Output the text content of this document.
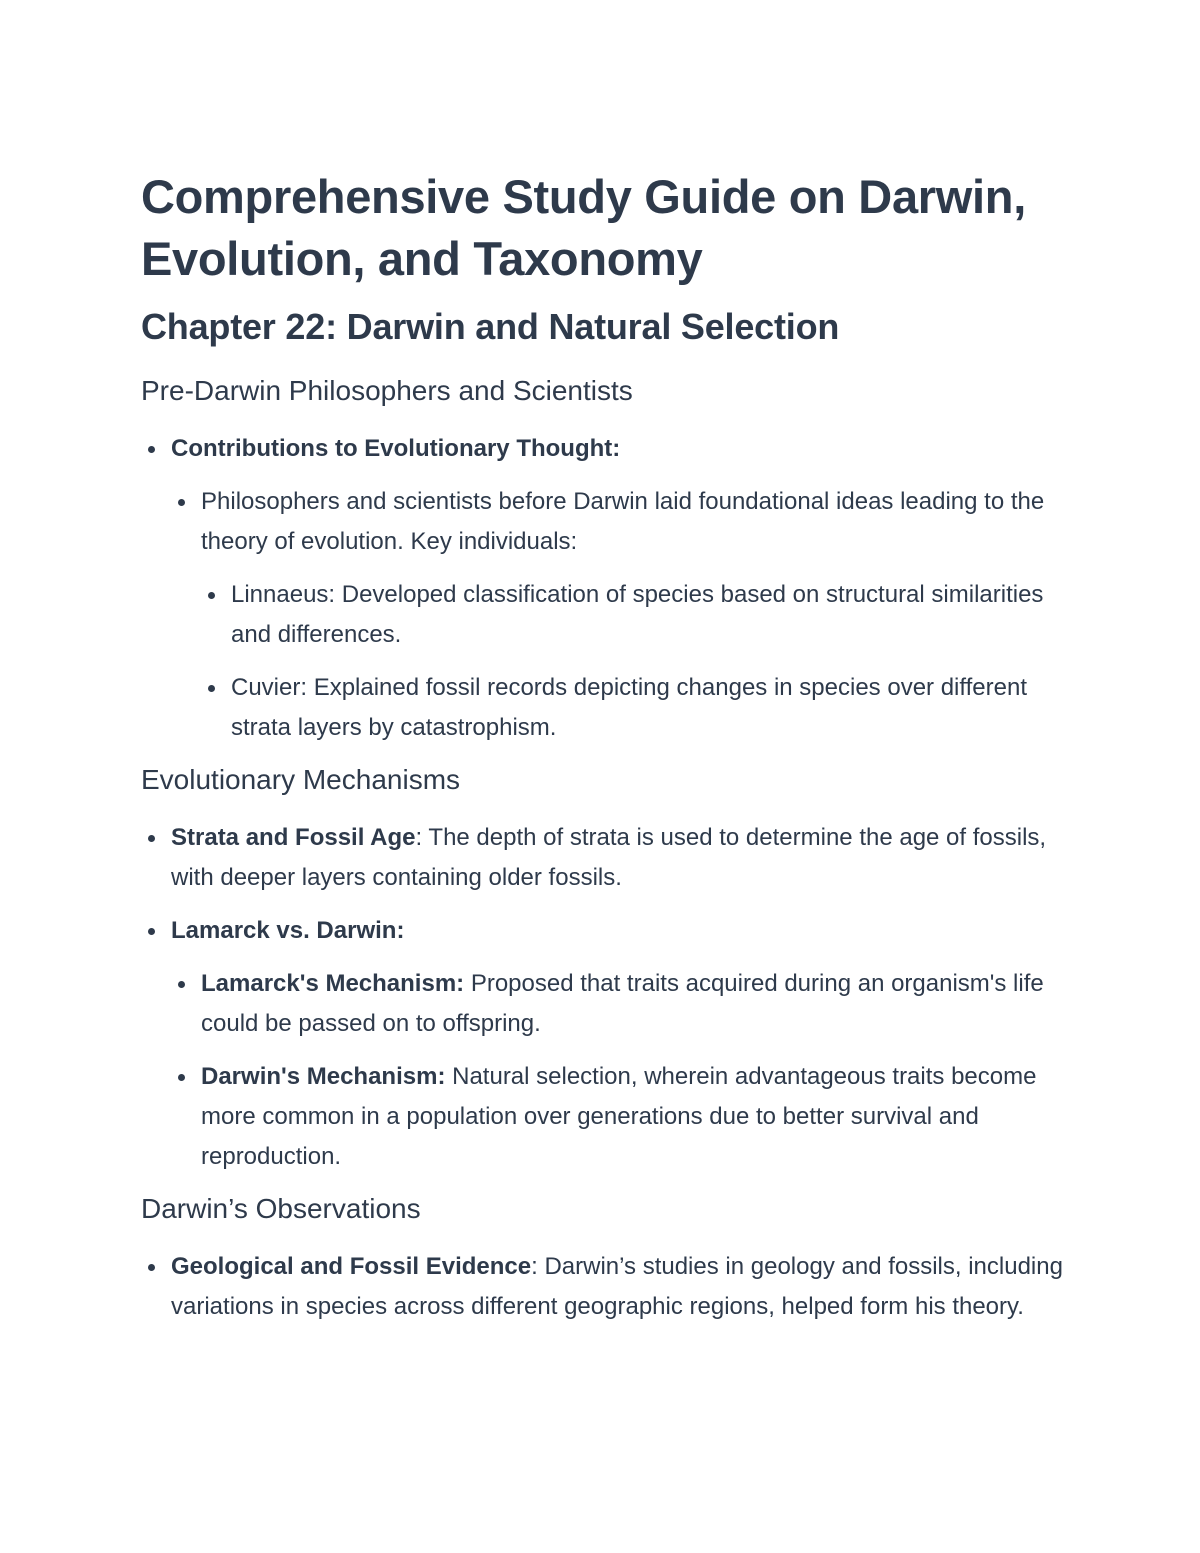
Comprehensive Study Guide on Darwin, Evolution, and Taxonomy
Chapter 22: Darwin and Natural Selection
Pre-Darwin Philosophers and Scientists
Contributions to Evolutionary Thought:
Philosophers and scientists before Darwin laid foundational ideas leading to the theory of evolution. Key individuals:
Linnaeus: Developed classification of species based on structural similarities and differences.
Cuvier: Explained fossil records depicting changes in species over different strata layers by catastrophism.
Evolutionary Mechanisms
Strata and Fossil Age: The depth of strata is used to determine the age of fossils, with deeper layers containing older fossils.
Lamarck vs. Darwin:
Lamarck's Mechanism: Proposed that traits acquired during an organism's life could be passed on to offspring.
Darwin's Mechanism: Natural selection, wherein advantageous traits become more common in a population over generations due to better survival and reproduction.
Darwin’s Observations
Geological and Fossil Evidence: Darwin’s studies in geology and fossils, including variations in species across different geographic regions, helped form his theory.
